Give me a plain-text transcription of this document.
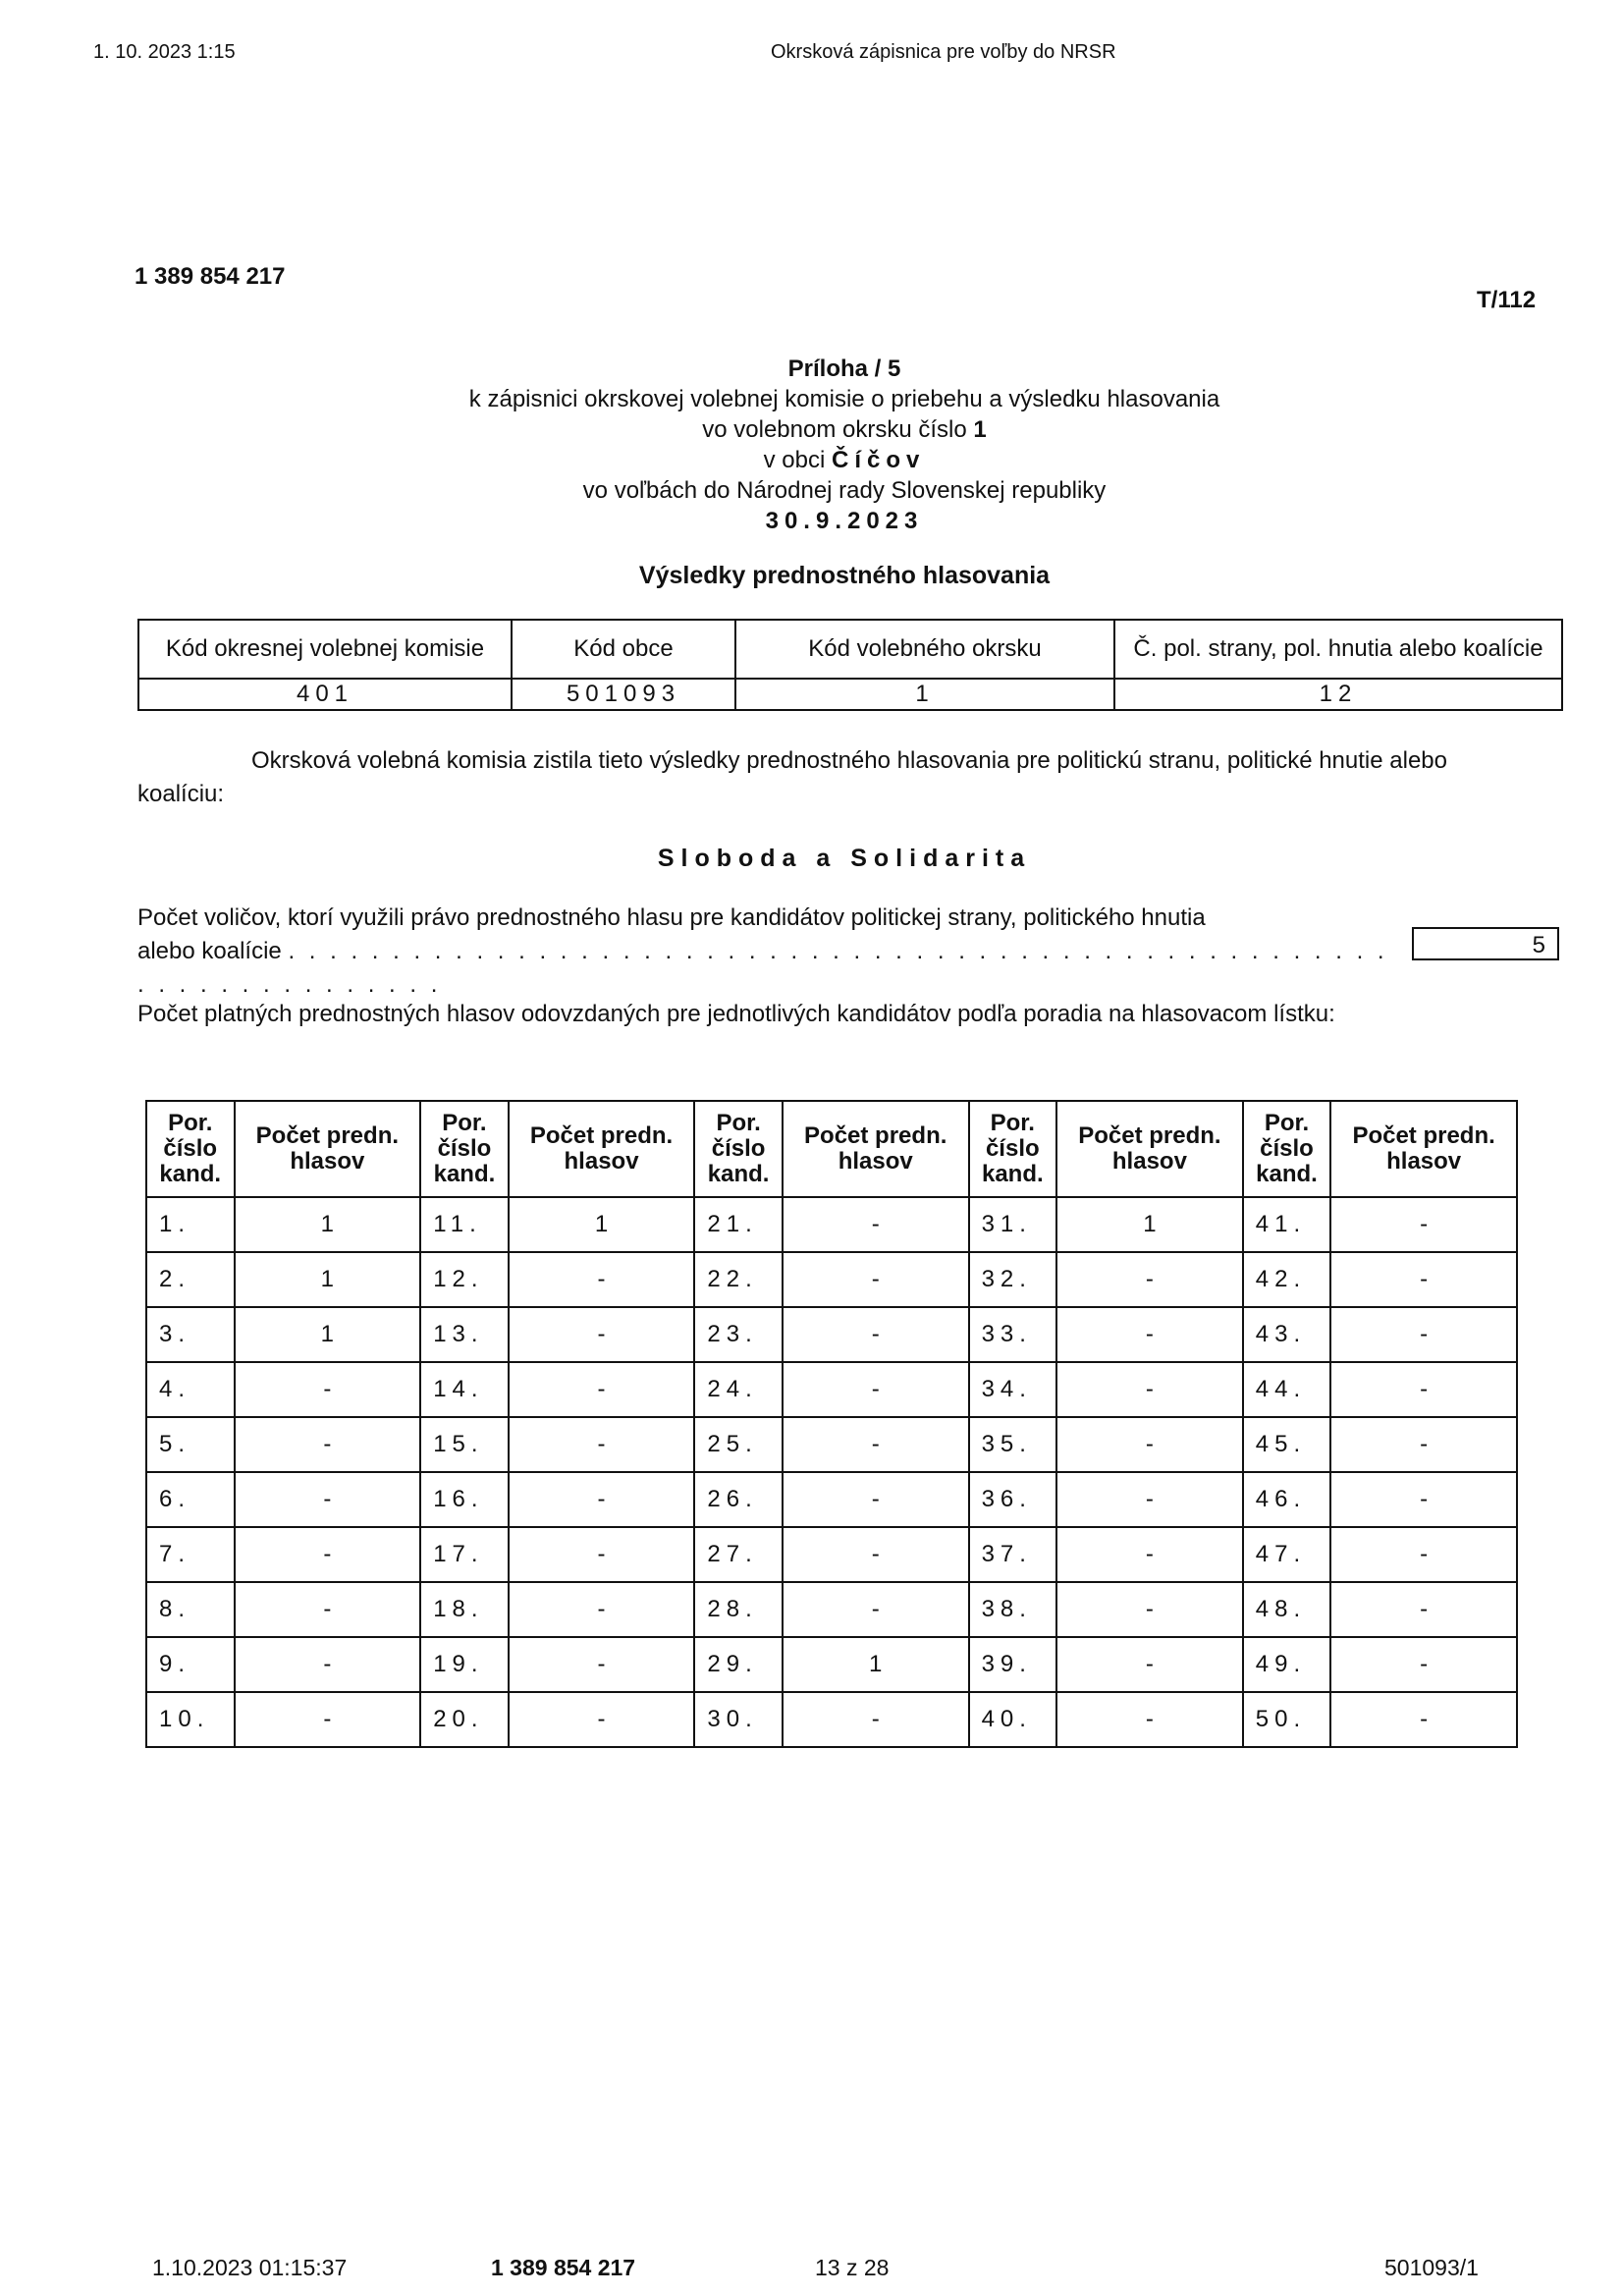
1. 10. 2023 1:15	Okrsková zápisnica pre voľby do NRSR
1 389 854 217
T/112
Príloha / 5
k zápisnici okrskovej volebnej komisie o priebehu a výsledku hlasovania
vo volebnom okrsku číslo 1
v obci Číčov
vo voľbách do Národnej rady Slovenskej republiky
30.9.2023
Výsledky prednostného hlasovania
Kód okresnej volebnej komisie	Kód obce	Kód volebného okrsku	Č. pol. strany, pol. hnutia alebo koalície
401	501093	1	12
Okrsková volebná komisia zistila tieto výsledky prednostného hlasovania pre politickú stranu, politické hnutie alebo koalíciu:
Sloboda a Solidarita
Počet voličov, ktorí využili právo prednostného hlasu pre kandidátov politickej strany, politického hnutia
alebo koalície . . . . . . . . . . . . . . . . . . . . . . . . . . . . . . . . . . . . . . . . . . . . . . . . . . . . . . . . . . . . . . . . . . . .
5
Počet platných prednostných hlasov odovzdaných pre jednotlivých kandidátov podľa poradia na hlasovacom lístku:
Por. číslo kand.	Počet predn. hlasov	Por. číslo kand.	Počet predn. hlasov	Por. číslo kand.	Počet predn. hlasov	Por. číslo kand.	Počet predn. hlasov	Por. číslo kand.	Počet predn. hlasov
1.	1	11.	1	21.	-	31.	1	41.	-
2.	1	12.	-	22.	-	32.	-	42.	-
3.	1	13.	-	23.	-	33.	-	43.	-
4.	-	14.	-	24.	-	34.	-	44.	-
5.	-	15.	-	25.	-	35.	-	45.	-
6.	-	16.	-	26.	-	36.	-	46.	-
7.	-	17.	-	27.	-	37.	-	47.	-
8.	-	18.	-	28.	-	38.	-	48.	-
9.	-	19.	-	29.	1	39.	-	49.	-
10.	-	20.	-	30.	-	40.	-	50.	-
1.10.2023 01:15:37	1 389 854 217	13 z 28	501093/1
